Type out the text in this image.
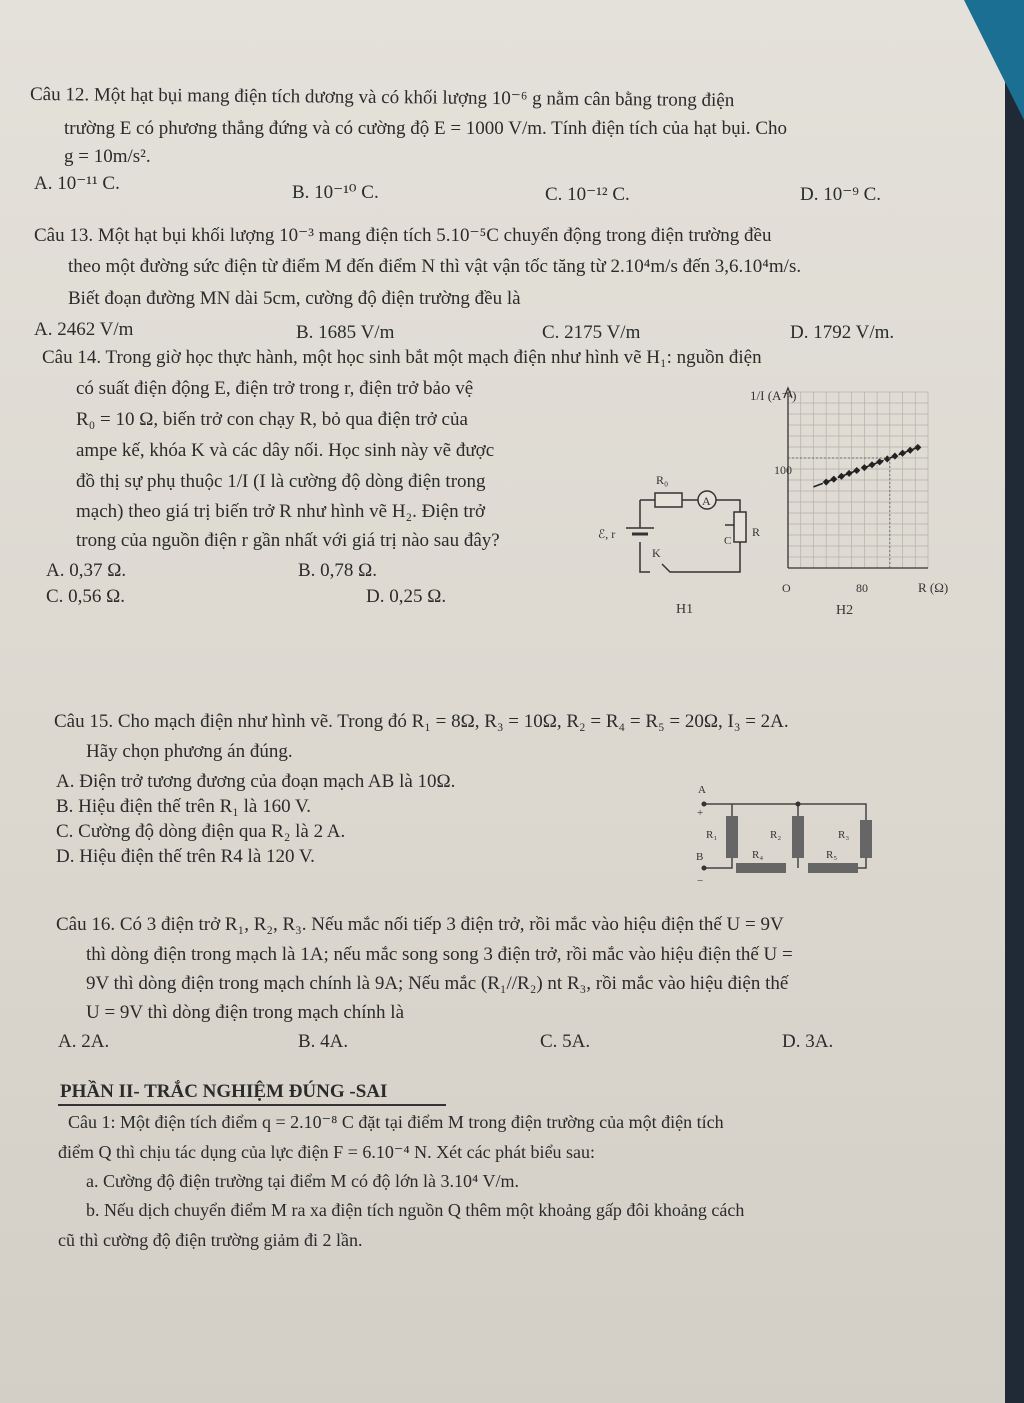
Câu 12. Một hạt bụi mang điện tích dương và có khối lượng 10⁻⁶ g nằm cân bằng trong điện
trường E có phương thẳng đứng và có cường độ E = 1000 V/m. Tính điện tích của hạt bụi. Cho
g = 10m/s².
A. 10⁻¹¹ C.	B. 10⁻¹⁰ C.	C. 10⁻¹² C.	D. 10⁻⁹ C.
Câu 13. Một hạt bụi khối lượng 10⁻³ mang điện tích 5.10⁻⁵C chuyển động trong điện trường đều
theo một đường sức điện từ điểm M đến điểm N thì vật vận tốc tăng từ 2.10⁴m/s đến 3,6.10⁴m/s.
Biết đoạn đường MN dài 5cm, cường độ điện trường đều là
A. 2462 V/m	B. 1685 V/m	C. 2175 V/m	D. 1792 V/m.
Câu 14. Trong giờ học thực hành, một học sinh bắt một mạch điện như hình vẽ H₁: nguồn điện
có suất điện động E, điện trở trong r, điện trở bảo vệ
R₀ = 10 Ω, biến trở con chạy R, bỏ qua điện trở của
ampe kế, khóa K và các dây nối. Học sinh này vẽ được
đồ thị sự phụ thuộc 1/I (I là cường độ dòng điện trong
mạch) theo giá trị biến trở R như hình vẽ H₂. Điện trở
trong của nguồn điện r gần nhất với giá trị nào sau đây?
A. 0,37 Ω.	B. 0,78 Ω.
C. 0,56 Ω.	D. 0,25 Ω.
R₀
A
ℰ, r
K
C
R
H1
1/I (A⁻¹)
100
O	80	R (Ω)
H2
Câu 15. Cho mạch điện như hình vẽ. Trong đó R₁ = 8Ω, R₃ = 10Ω, R₂ = R₄ = R₅ = 20Ω, I₃ = 2A.
Hãy chọn phương án đúng.
A. Điện trở tương đương của đoạn mạch AB là 10Ω.
B. Hiệu điện thế trên R₁ là 160 V.
C. Cường độ dòng điện qua R₂ là 2 A.
D. Hiệu điện thế trên R4 là 120 V.
A
+
R₁	R₂	R₃
B	R₄	R₅
−
Câu 16. Có 3 điện trở R₁, R₂, R₃. Nếu mắc nối tiếp 3 điện trở, rồi mắc vào hiệu điện thế U = 9V
thì dòng điện trong mạch là 1A; nếu mắc song song 3 điện trở, rồi mắc vào hiệu điện thế U =
9V thì dòng điện trong mạch chính là 9A; Nếu mắc (R₁//R₂) nt R₃, rồi mắc vào hiệu điện thế
U = 9V thì dòng điện trong mạch chính là
A. 2A.	B. 4A.	C. 5A.	D. 3A.
PHẦN II- TRẮC NGHIỆM ĐÚNG -SAI
Câu 1: Một điện tích điểm q = 2.10⁻⁸ C đặt tại điểm M trong điện trường của một điện tích
điểm Q thì chịu tác dụng của lực điện F = 6.10⁻⁴ N. Xét các phát biểu sau:
a. Cường độ điện trường tại điểm M có độ lớn là 3.10⁴ V/m.
b. Nếu dịch chuyển điểm M ra xa điện tích nguồn Q thêm một khoảng gấp đôi khoảng cách
cũ thì cường độ điện trường giảm đi 2 lần.
